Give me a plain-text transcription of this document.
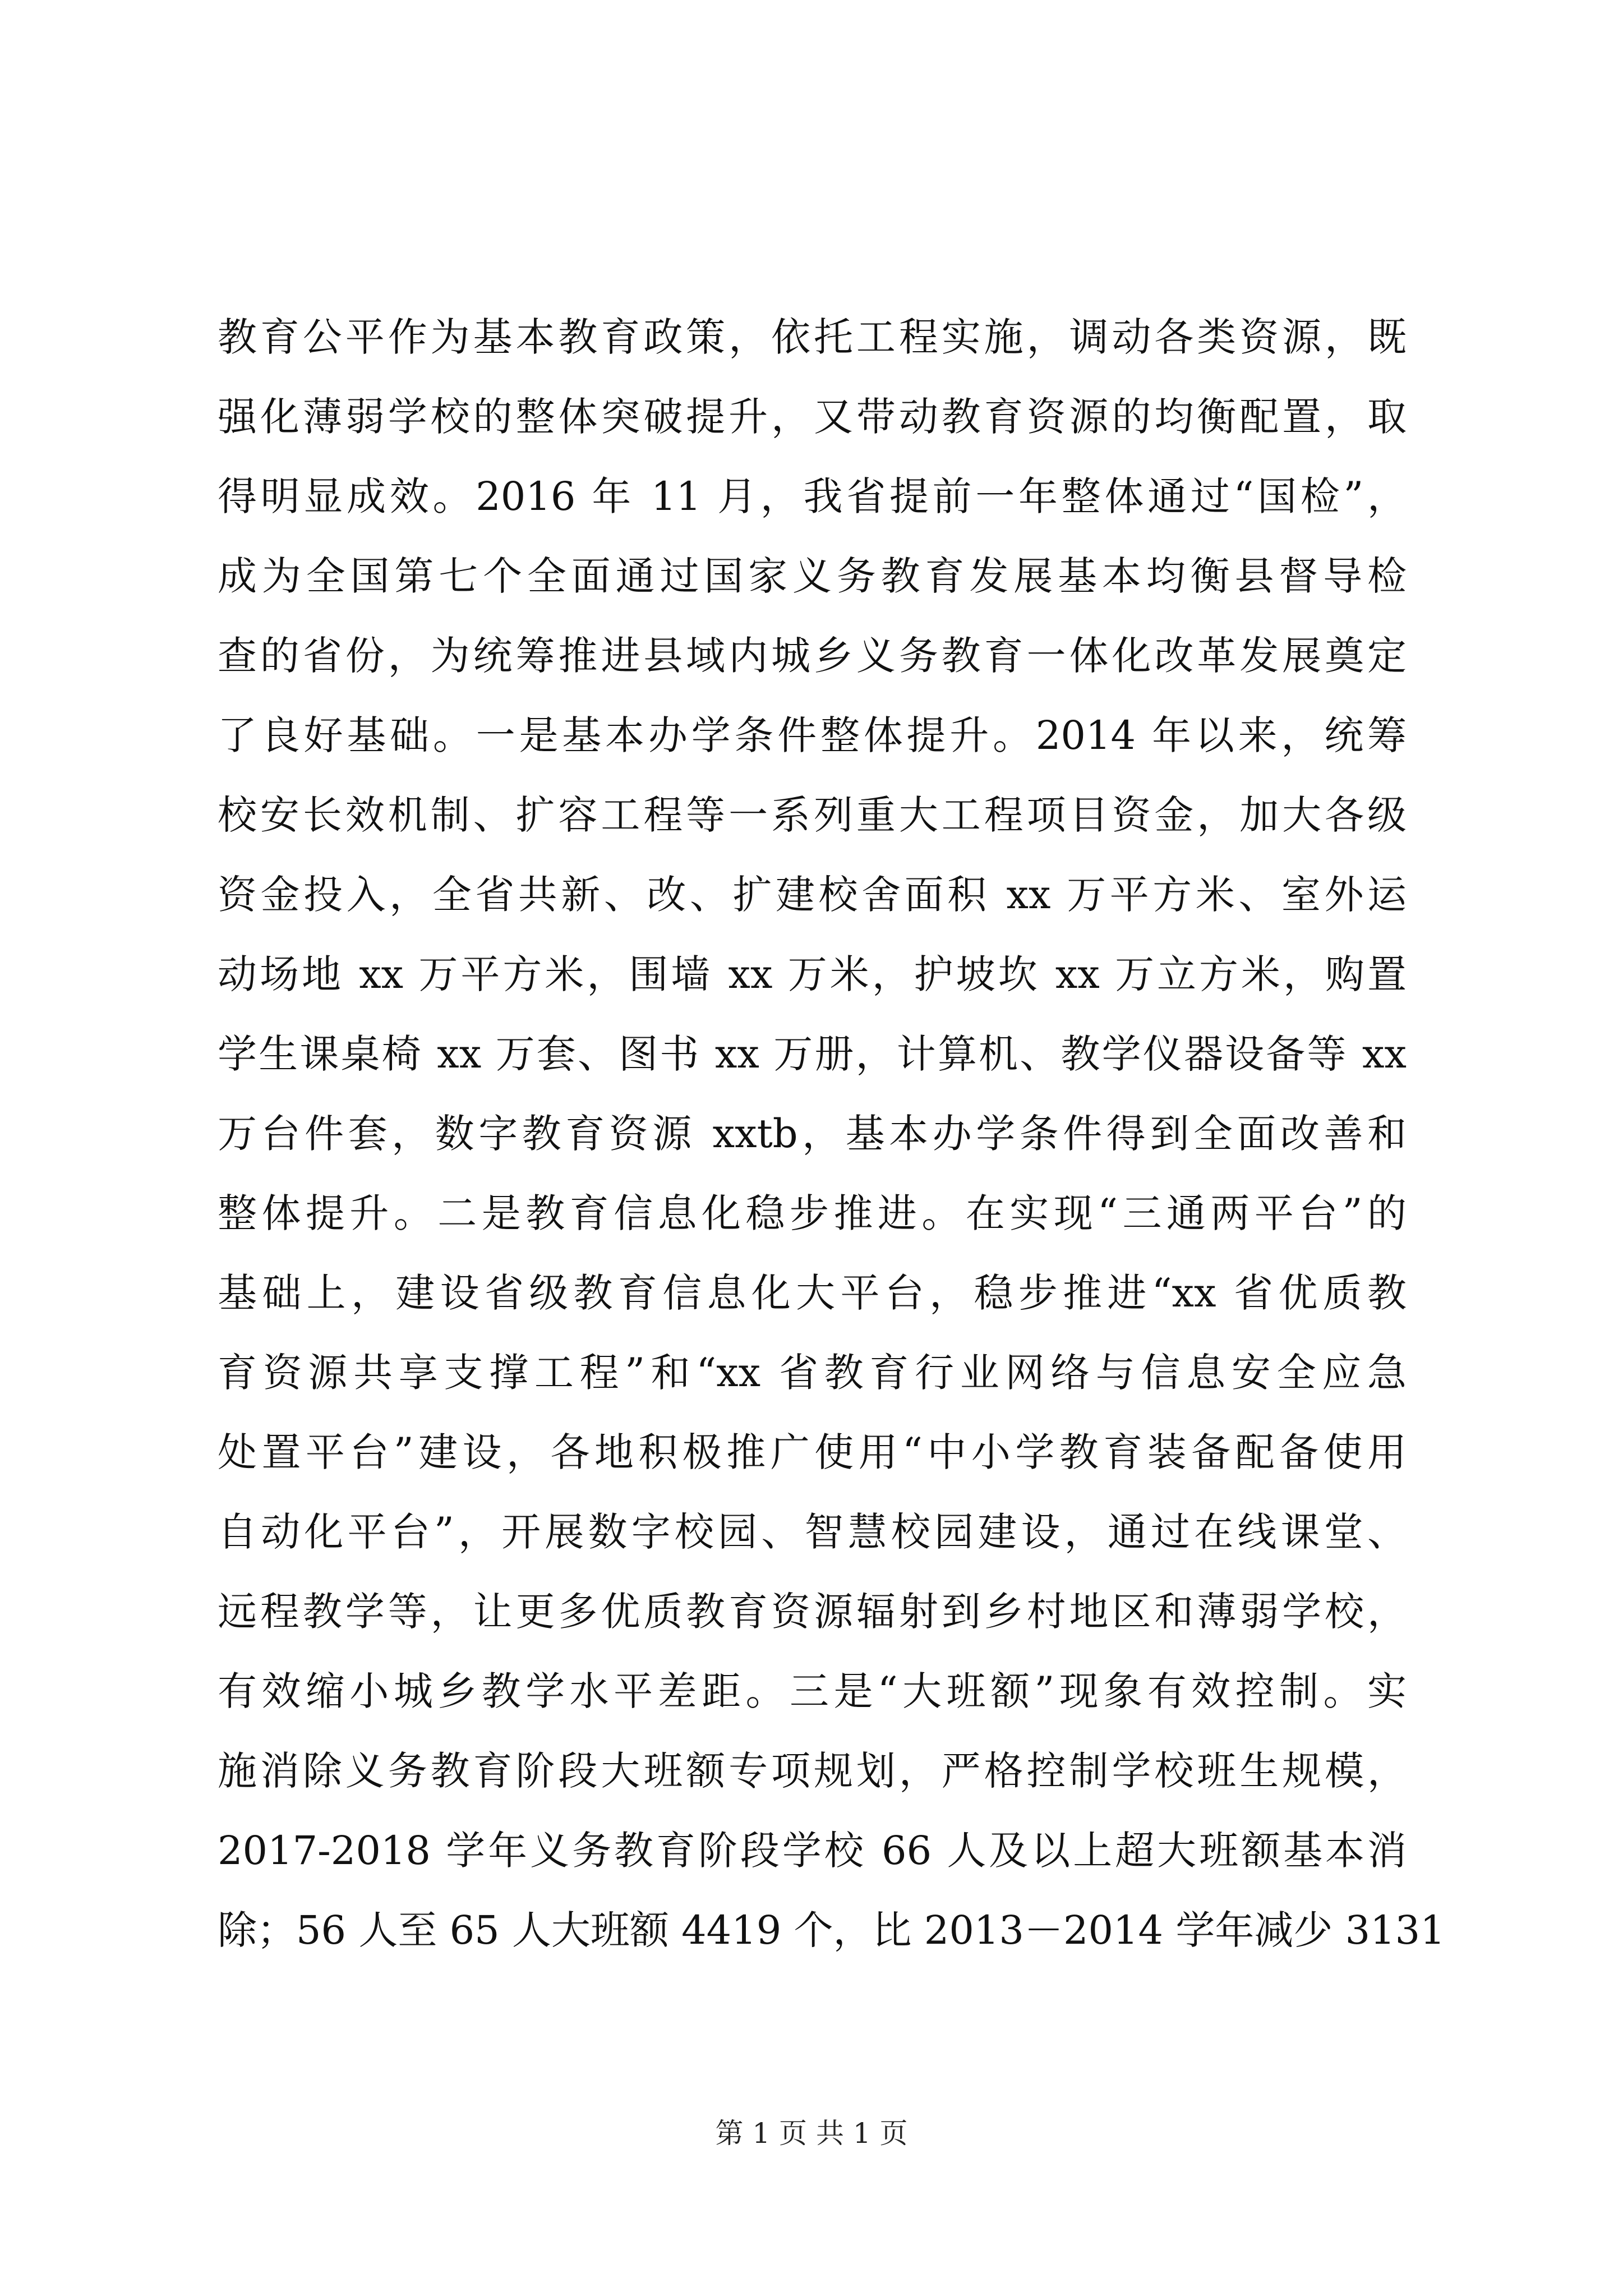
教育公平作为基本教育政策，依托工程实施，调动各类资源，既
强化薄弱学校的整体突破提升，又带动教育资源的均衡配置，取
得明显成效。2016 年 11 月，我省提前一年整体通过“国检”，
成为全国第七个全面通过国家义务教育发展基本均衡县督导检
查的省份，为统筹推进县域内城乡义务教育一体化改革发展奠定
了良好基础。一是基本办学条件整体提升。2014 年以来，统筹
校安长效机制、扩容工程等一系列重大工程项目资金，加大各级
资金投入，全省共新、改、扩建校舍面积 xx 万平方米、室外运
动场地 xx 万平方米，围墙 xx 万米，护坡坎 xx 万立方米，购置
学生课桌椅 xx 万套、图书 xx 万册，计算机、教学仪器设备等 xx
万台件套，数字教育资源 xxtb，基本办学条件得到全面改善和
整体提升。二是教育信息化稳步推进。在实现“三通两平台”的
基础上，建设省级教育信息化大平台，稳步推进“xx 省优质教
育资源共享支撑工程”和“xx 省教育行业网络与信息安全应急
处置平台”建设，各地积极推广使用“中小学教育装备配备使用
自动化平台”，开展数字校园、智慧校园建设，通过在线课堂、
远程教学等，让更多优质教育资源辐射到乡村地区和薄弱学校，
有效缩小城乡教学水平差距。三是“大班额”现象有效控制。实
施消除义务教育阶段大班额专项规划，严格控制学校班生规模，
2017-2018 学年义务教育阶段学校 66 人及以上超大班额基本消
除；56 人至 65 人大班额 4419 个，比 2013－2014 学年减少 3131
第 1 页 共 1 页
